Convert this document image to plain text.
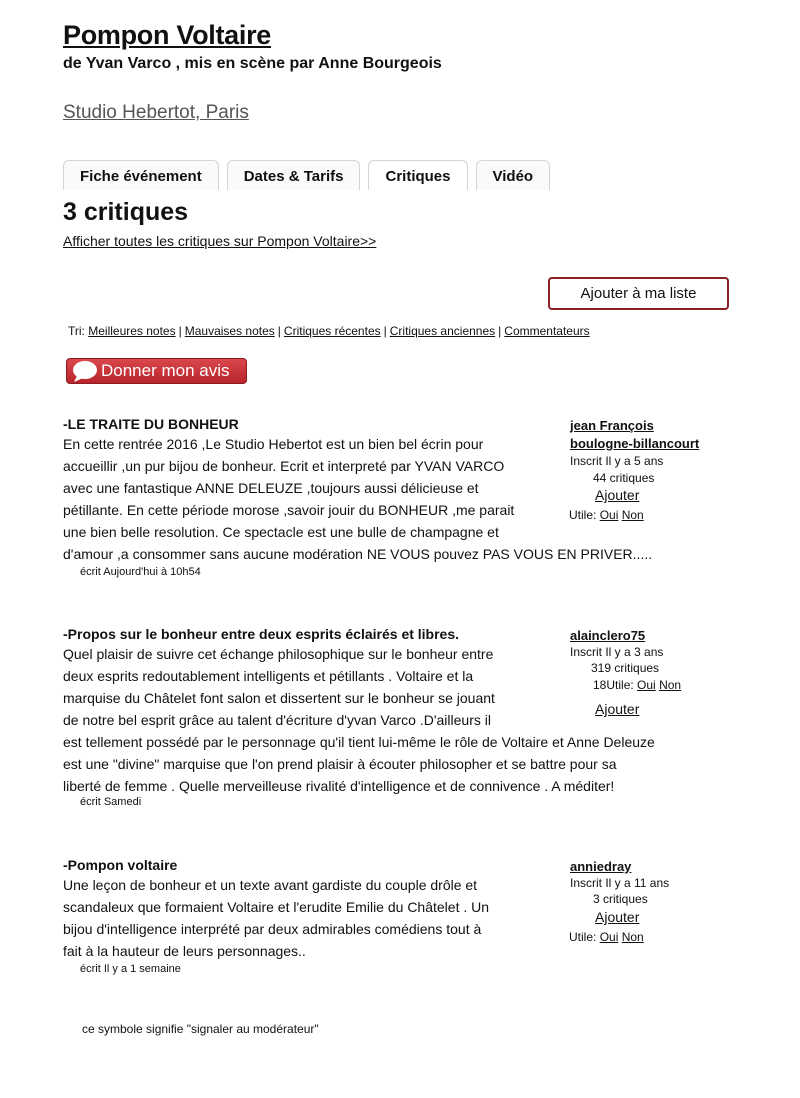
Pompon Voltaire
de Yvan Varco , mis en scène par Anne Bourgeois
Studio Hebertot, Paris
Fiche événement	Dates & Tarifs	Critiques	Vidéo
3 critiques
Afficher toutes les critiques sur Pompon Voltaire>>
Ajouter à ma liste
Tri: Meilleures notes | Mauvaises notes | Critiques récentes | Critiques anciennes | Commentateurs
Donner mon avis
-LE TRAITE DU BONHEUR
En cette rentrée 2016 ,Le Studio Hebertot est un bien bel écrin pour
accueillir ,un pur bijou de bonheur. Ecrit et interpreté par YVAN VARCO
avec une fantastique ANNE DELEUZE ,toujours aussi délicieuse et
pétillante. En cette période morose ,savoir jouir du BONHEUR ,me parait
une bien belle resolution. Ce spectacle est une bulle de champagne et
d'amour ,a consommer sans aucune modération NE VOUS pouvez PAS VOUS EN PRIVER.....
écrit Aujourd'hui à 10h54
jean François
boulogne-billancourt
Inscrit Il y a 5 ans
44 critiques
Ajouter
Utile: Oui Non
-Propos sur le bonheur entre deux esprits éclairés et libres.
Quel plaisir de suivre cet échange philosophique sur le bonheur entre
deux esprits redoutablement intelligents et pétillants . Voltaire et la
marquise du Châtelet font salon et dissertent sur le bonheur se jouant
de notre bel esprit grâce au talent d'écriture d'yvan Varco .D'ailleurs il
est tellement possédé par le personnage qu'il tient lui-même le rôle de Voltaire et Anne Deleuze
est une "divine" marquise que l'on prend plaisir à écouter philosopher et se battre pour sa
liberté de femme . Quelle merveilleuse rivalité d'intelligence et de connivence . A méditer!
écrit Samedi
alainclero75
Inscrit Il y a 3 ans
319 critiques
18Utile: Oui Non
Ajouter
-Pompon voltaire
Une leçon de bonheur et un texte avant gardiste du couple drôle et
scandaleux que formaient Voltaire et l'erudite Emilie du Châtelet . Un
bijou d'intelligence interprété par deux admirables comédiens tout à
fait à la hauteur de leurs personnages..
écrit Il y a 1 semaine
anniedray
Inscrit Il y a 11 ans
3 critiques
Ajouter
Utile: Oui Non
ce symbole signifie "signaler au modérateur"
